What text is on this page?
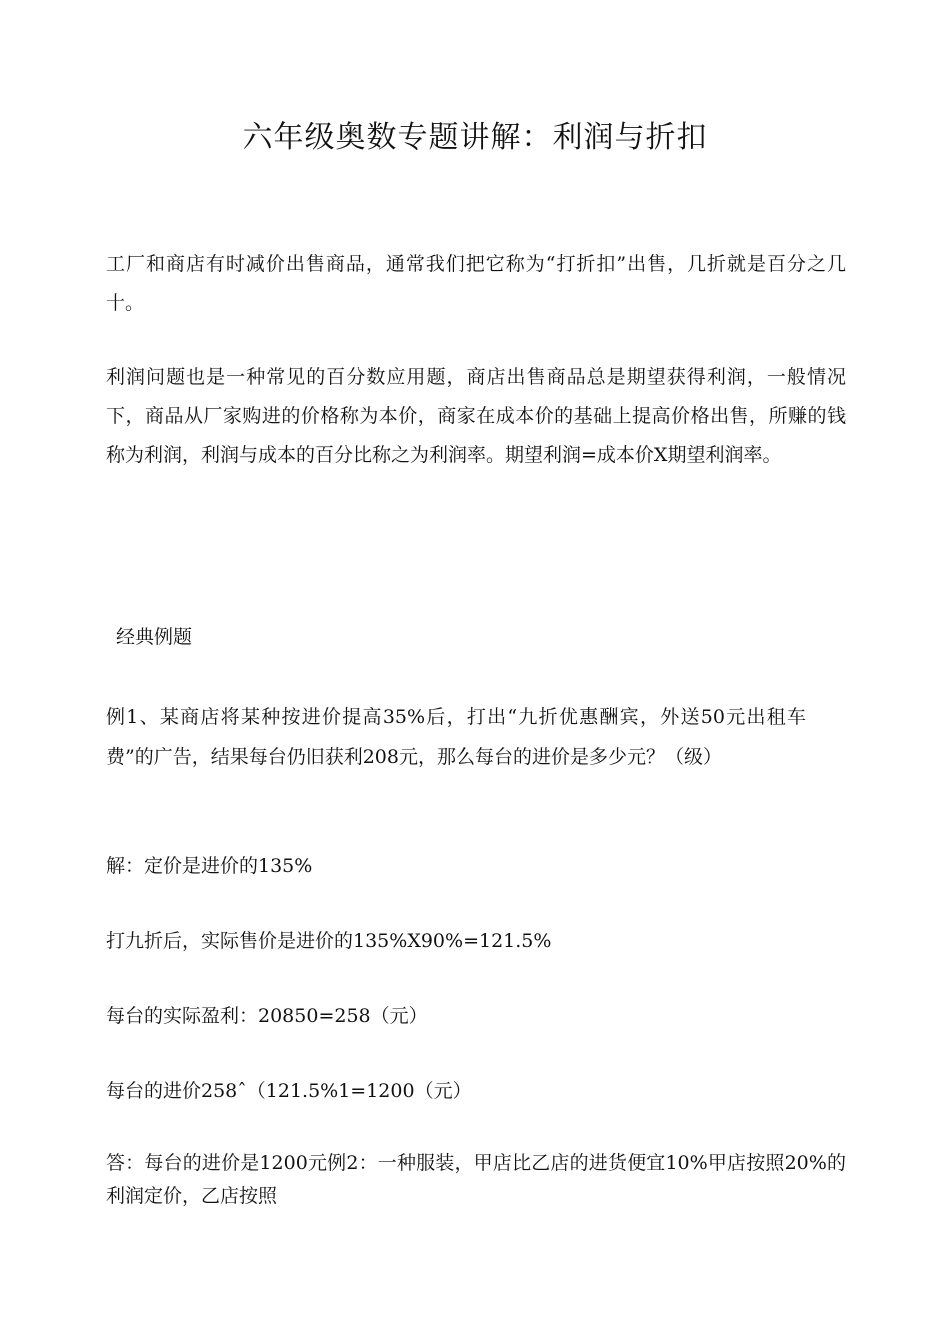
六年级奥数专题讲解：利润与折扣

工厂和商店有时减价出售商品，通常我们把它称为“打折扣”出售，几折就是百分之几十。

利润问题也是一种常见的百分数应用题，商店出售商品总是期望获得利润，一般情况下，商品从厂家购进的价格称为本价，商家在成本价的基础上提高价格出售，所赚的钱称为利润，利润与成本的百分比称之为利润率。期望利润=成本价X期望利润率。

经典例题

例1、某商店将某种按进价提高35%后，打出“九折优惠酬宾，外送50元出租车费”的广告，结果每台仍旧获利208元，那么每台的进价是多少元？（级）

解：定价是进价的135%

打九折后，实际售价是进价的135%X90%=121.5%

每台的实际盈利：20850=258（元）

每台的进价258ˆ（121.5%1=1200（元）

答：每台的进价是1200元例2：一种服装，甲店比乙店的进货便宜10%甲店按照20%的利润定价，乙店按照
